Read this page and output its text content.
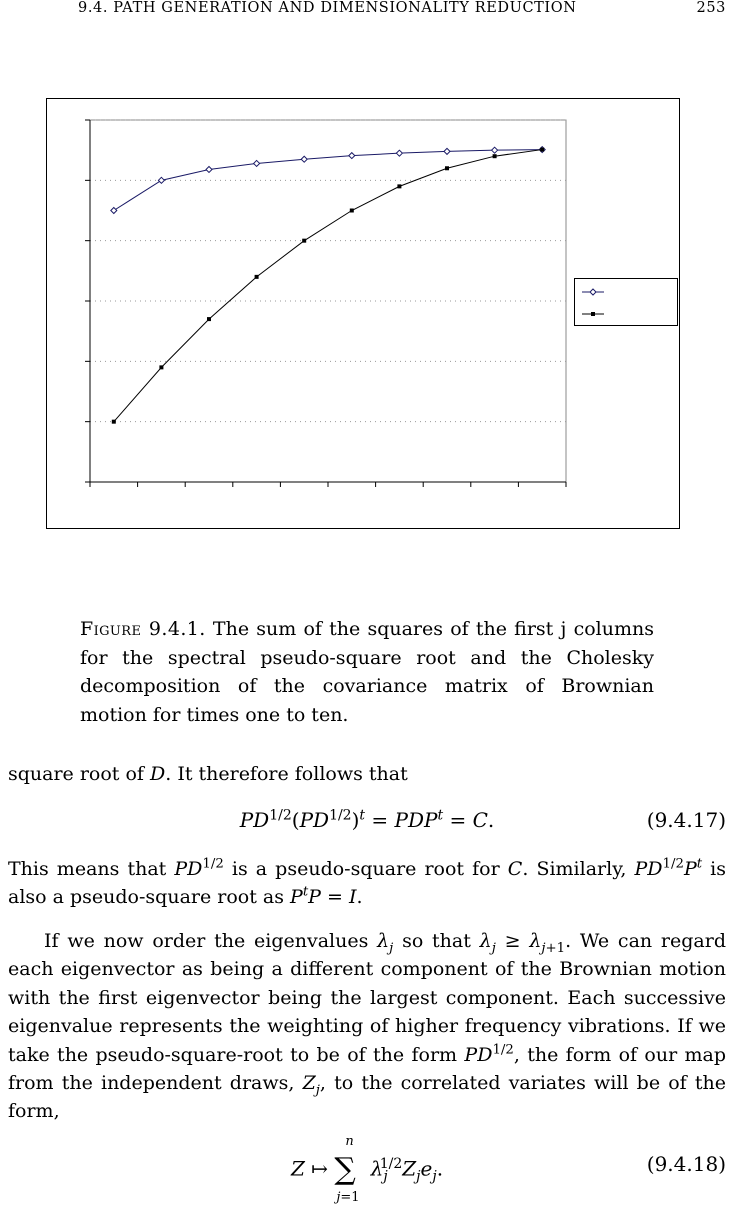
9.4. PATH GENERATION AND DIMENSIONALITY REDUCTION	253
Figure 9.4.1. The sum of the squares of the first j columns for the spectral pseudo-square root and the Cholesky decomposition of the covariance matrix of Brownian motion for times one to ten.
square root of D. It therefore follows that
$PD^{1/2}(PD^{1/2})^t = PDP^t = C$.	(9.4.17)
This means that $PD^{1/2}$ is a pseudo-square root for C. Similarly, $PD^{1/2}P^t$ is also a pseudo-square root as $P^tP = I$.
If we now order the eigenvalues $\lambda_j$ so that $\lambda_j \ge \lambda_{j+1}$. We can regard each eigenvector as being a different component of the Brownian motion with the first eigenvector being the largest component. Each successive eigenvalue represents the weighting of higher frequency vibrations. If we take the pseudo-square-root to be of the form $PD^{1/2}$, the form of our map from the independent draws, $Z_j$, to the correlated variates will be of the form,
Z ↦
n
∑
j=1
$\lambda_j^{1/2}Z_je_j$.	(9.4.18)
